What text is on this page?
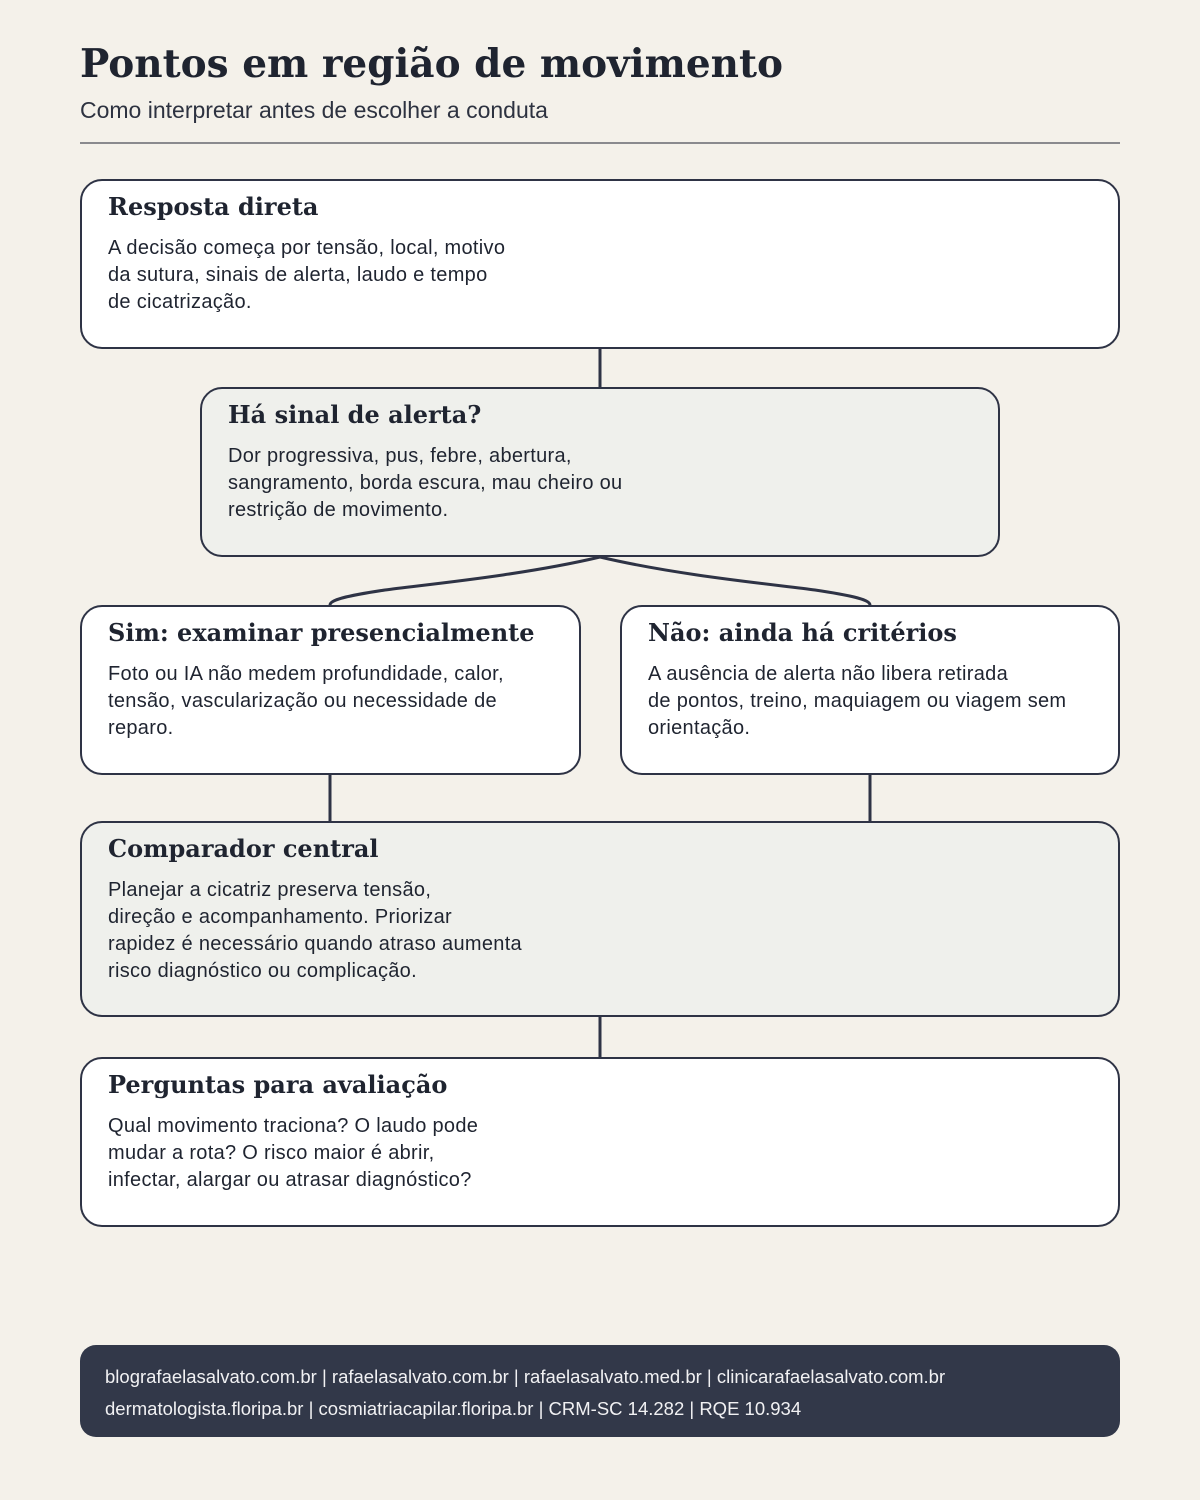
Pontos em região de movimento

Como interpretar antes de escolher a conduta

Resposta direta

A decisão começa por tensão, local, motivo
da sutura, sinais de alerta, laudo e tempo
de cicatrização.

Há sinal de alerta?

Dor progressiva, pus, febre, abertura,
sangramento, borda escura, mau cheiro ou
restrição de movimento.

Sim: examinar presencialmente

Foto ou IA não medem profundidade, calor,
tensão, vascularização ou necessidade de
reparo.

Não: ainda há critérios

A ausência de alerta não libera retirada
de pontos, treino, maquiagem ou viagem sem
orientação.

Comparador central

Planejar a cicatriz preserva tensão,
direção e acompanhamento. Priorizar
rapidez é necessário quando atraso aumenta
risco diagnóstico ou complicação.

Perguntas para avaliação

Qual movimento traciona? O laudo pode
mudar a rota? O risco maior é abrir,
infectar, alargar ou atrasar diagnóstico?

blografaelasalvato.com.br | rafaelasalvato.com.br | rafaelasalvato.med.br | clinicarafaelasalvato.com.br

dermatologista.floripa.br | cosmiatriacapilar.floripa.br | CRM-SC 14.282 | RQE 10.934
